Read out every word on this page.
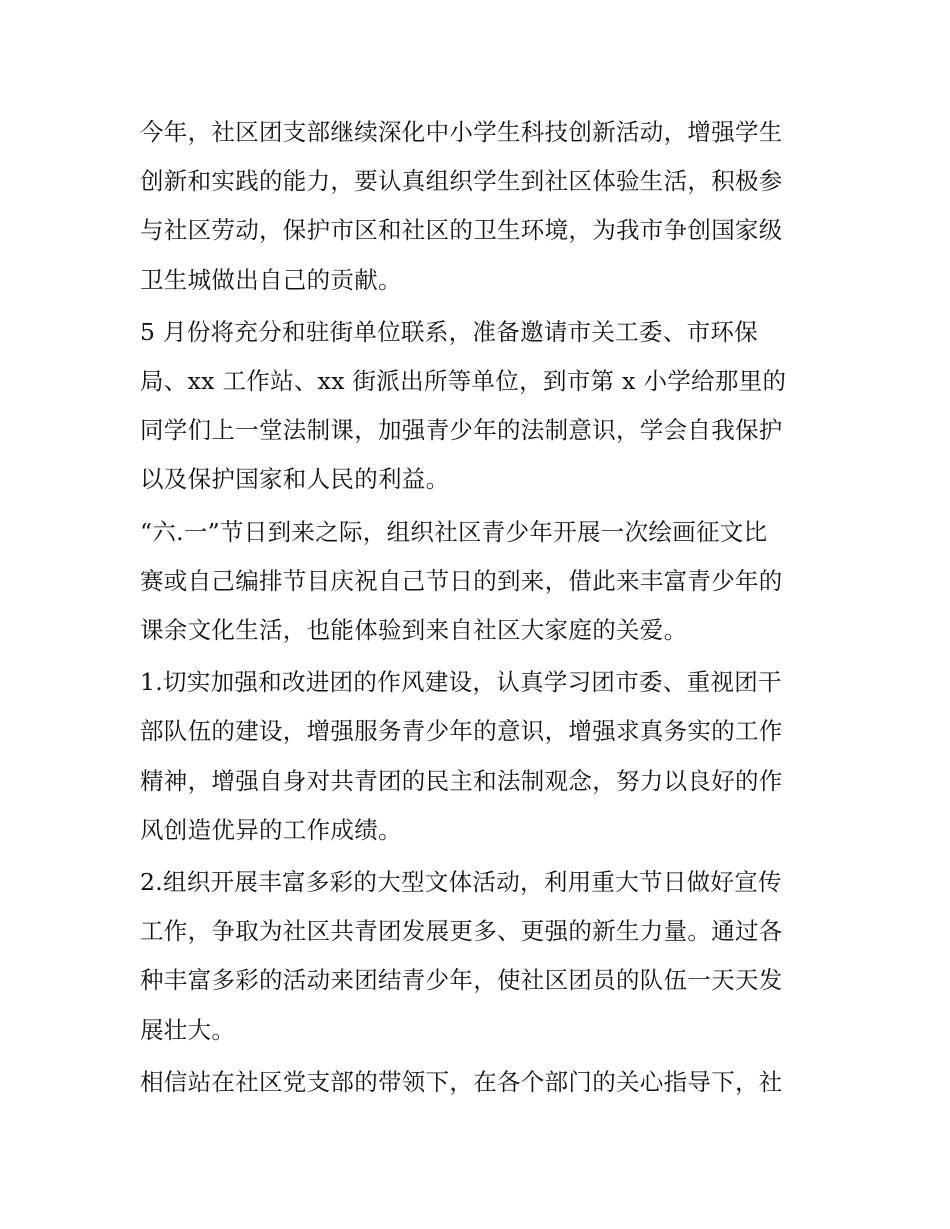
今年，社区团支部继续深化中小学生科技创新活动，增强学生
创新和实践的能力，要认真组织学生到社区体验生活，积极参
与社区劳动，保护市区和社区的卫生环境，为我市争创国家级
卫生城做出自己的贡献。

5 月份将充分和驻街单位联系，准备邀请市关工委、市环保
局、xx 工作站、xx 街派出所等单位，到市第 x 小学给那里的
同学们上一堂法制课，加强青少年的法制意识，学会自我保护
以及保护国家和人民的利益。

“六.一”节日到来之际，组织社区青少年开展一次绘画征文比
赛或自己编排节目庆祝自己节日的到来，借此来丰富青少年的
课余文化生活，也能体验到来自社区大家庭的关爱。

1.切实加强和改进团的作风建设，认真学习团市委、重视团干
部队伍的建设，增强服务青少年的意识，增强求真务实的工作
精神，增强自身对共青团的民主和法制观念，努力以良好的作
风创造优异的工作成绩。

2.组织开展丰富多彩的大型文体活动，利用重大节日做好宣传
工作，争取为社区共青团发展更多、更强的新生力量。通过各
种丰富多彩的活动来团结青少年，使社区团员的队伍一天天发
展壮大。

相信站在社区党支部的带领下，在各个部门的关心指导下，社
